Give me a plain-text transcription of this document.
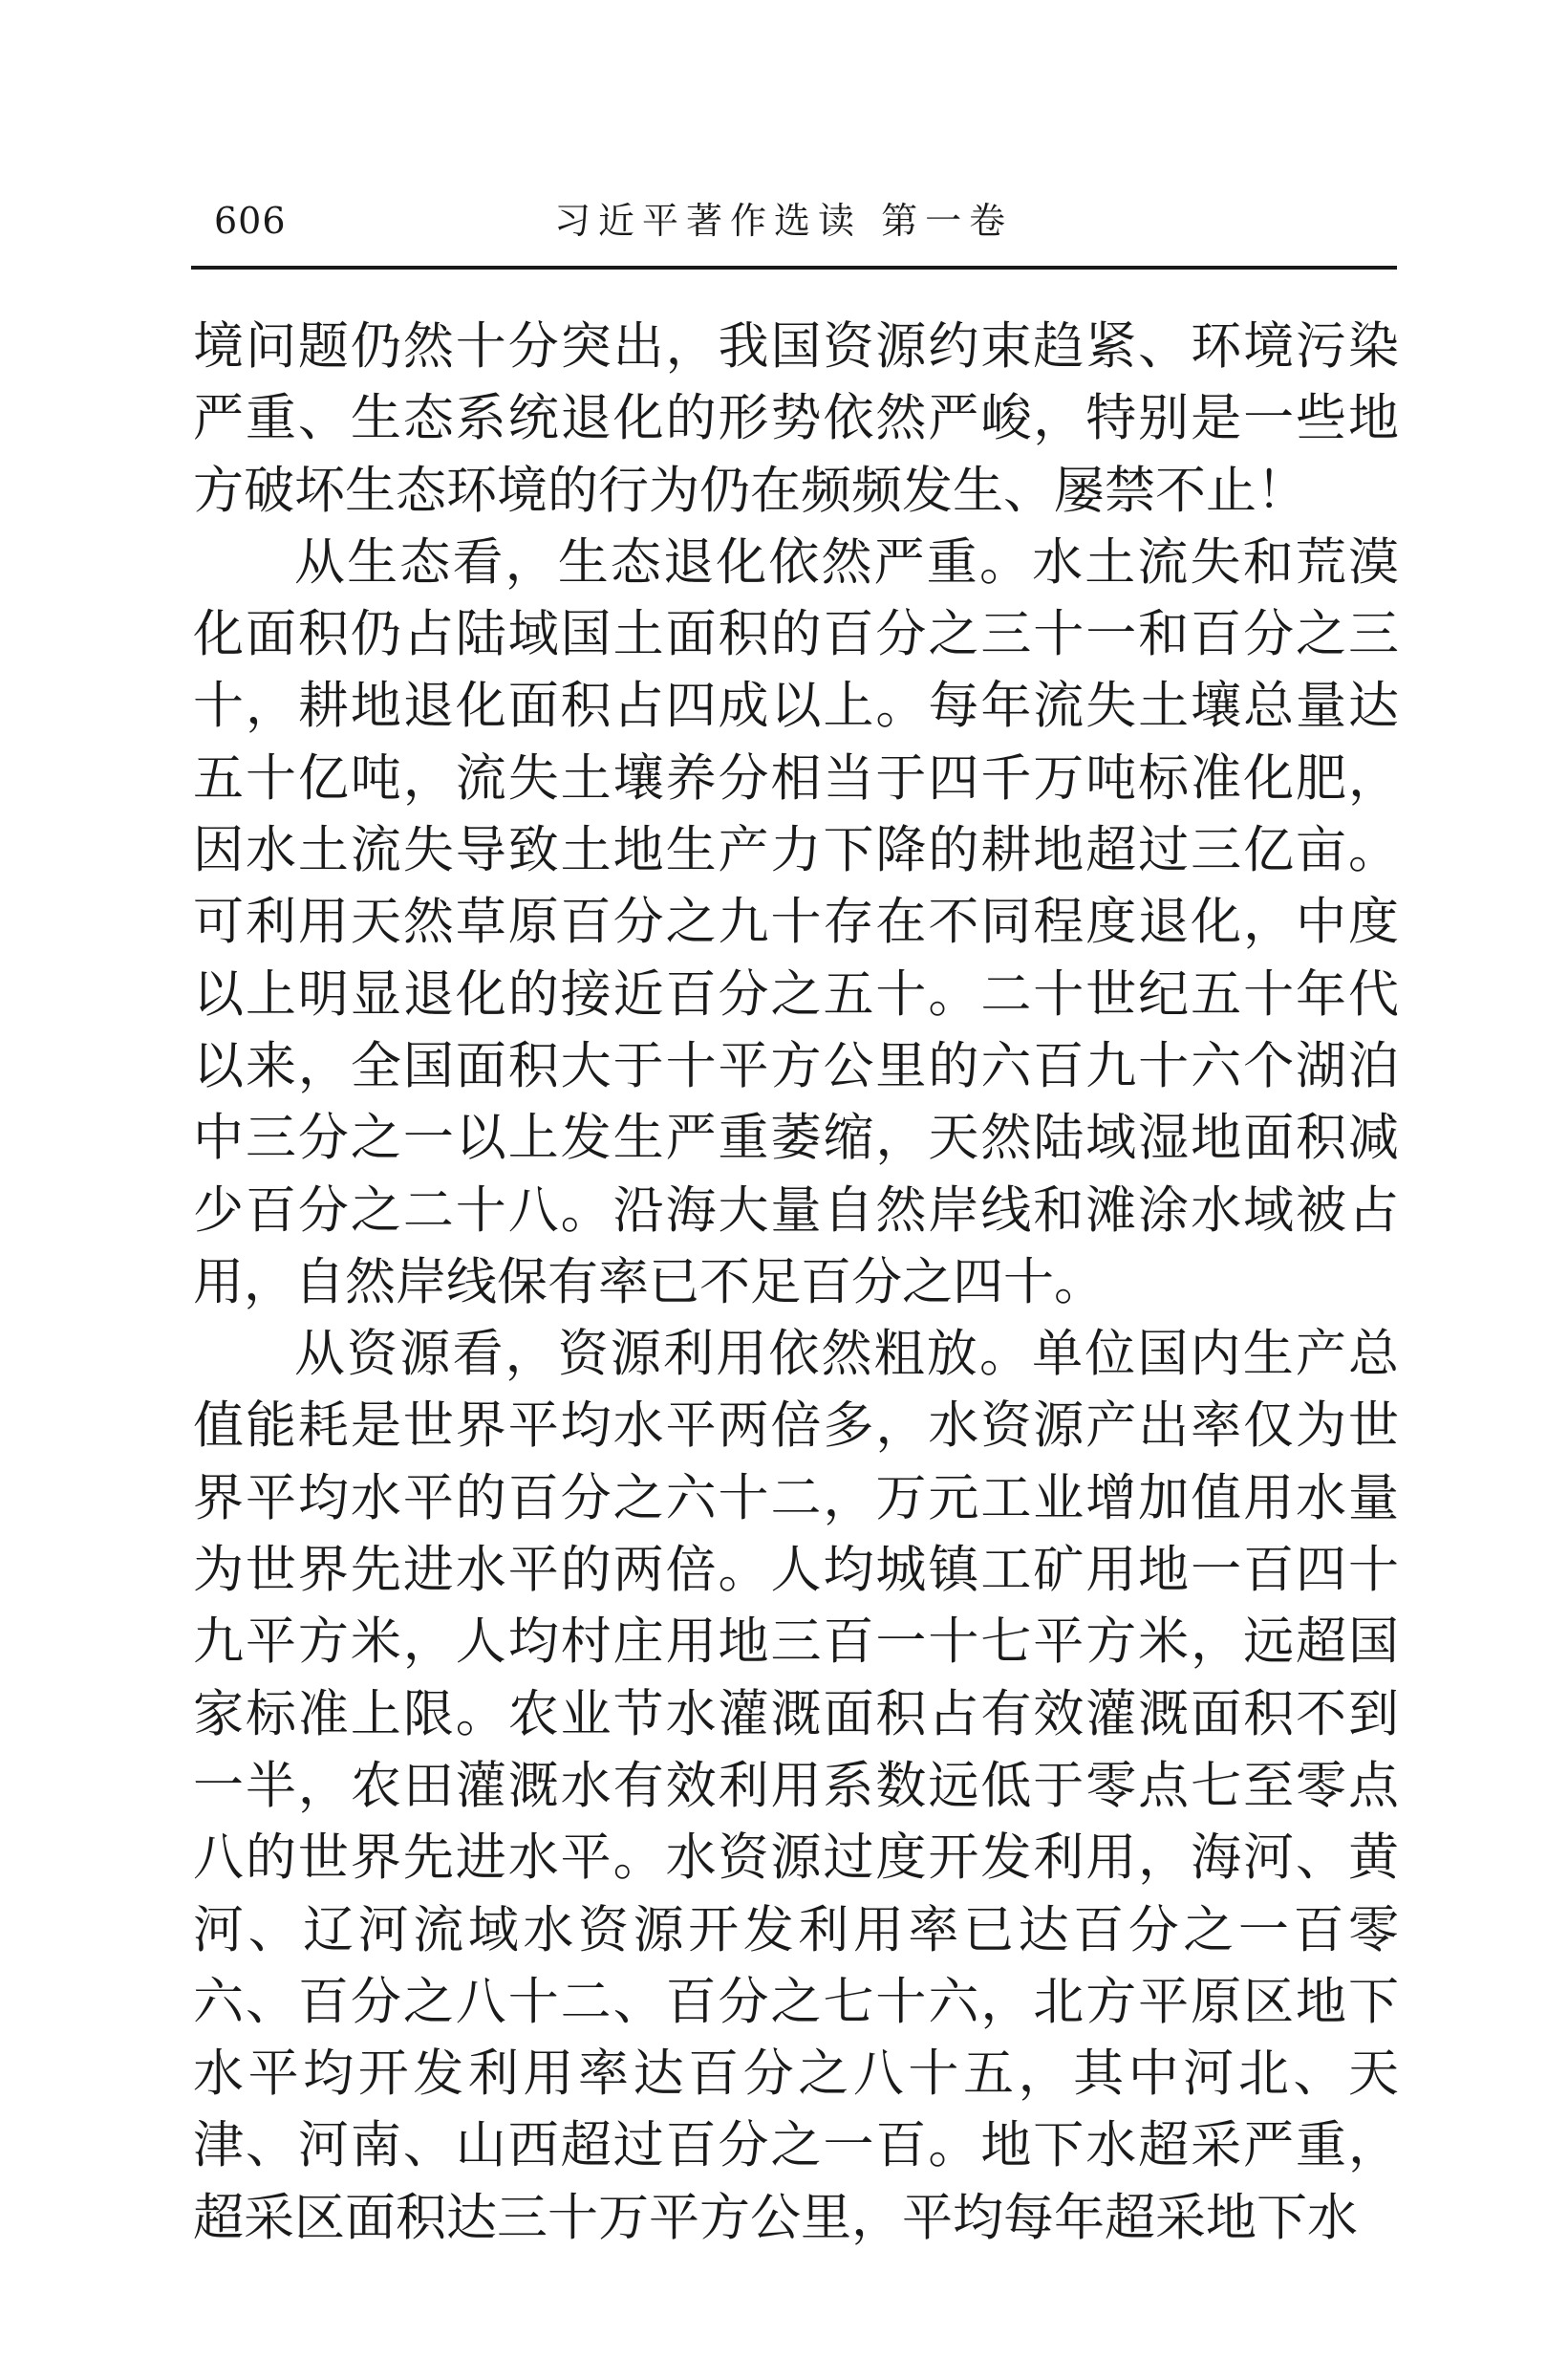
606	习近平著作选读 第一卷

境问题仍然十分突出，我国资源约束趋紧、环境污染严重、生态系统退化的形势依然严峻，特别是一些地方破坏生态环境的行为仍在频频发生、屡禁不止！

从生态看，生态退化依然严重。水土流失和荒漠化面积仍占陆域国土面积的百分之三十一和百分之三十，耕地退化面积占四成以上。每年流失土壤总量达五十亿吨，流失土壤养分相当于四千万吨标准化肥，因水土流失导致土地生产力下降的耕地超过三亿亩。可利用天然草原百分之九十存在不同程度退化，中度以上明显退化的接近百分之五十。二十世纪五十年代以来，全国面积大于十平方公里的六百九十六个湖泊中三分之一以上发生严重萎缩，天然陆域湿地面积减少百分之二十八。沿海大量自然岸线和滩涂水域被占用，自然岸线保有率已不足百分之四十。

从资源看，资源利用依然粗放。单位国内生产总值能耗是世界平均水平两倍多，水资源产出率仅为世界平均水平的百分之六十二，万元工业增加值用水量为世界先进水平的两倍。人均城镇工矿用地一百四十九平方米，人均村庄用地三百一十七平方米，远超国家标准上限。农业节水灌溉面积占有效灌溉面积不到一半，农田灌溉水有效利用系数远低于零点七至零点八的世界先进水平。水资源过度开发利用，海河、黄河、辽河流域水资源开发利用率已达百分之一百零六、百分之八十二、百分之七十六，北方平原区地下水平均开发利用率达百分之八十五，其中河北、天津、河南、山西超过百分之一百。地下水超采严重，超采区面积达三十万平方公里，平均每年超采地下水
